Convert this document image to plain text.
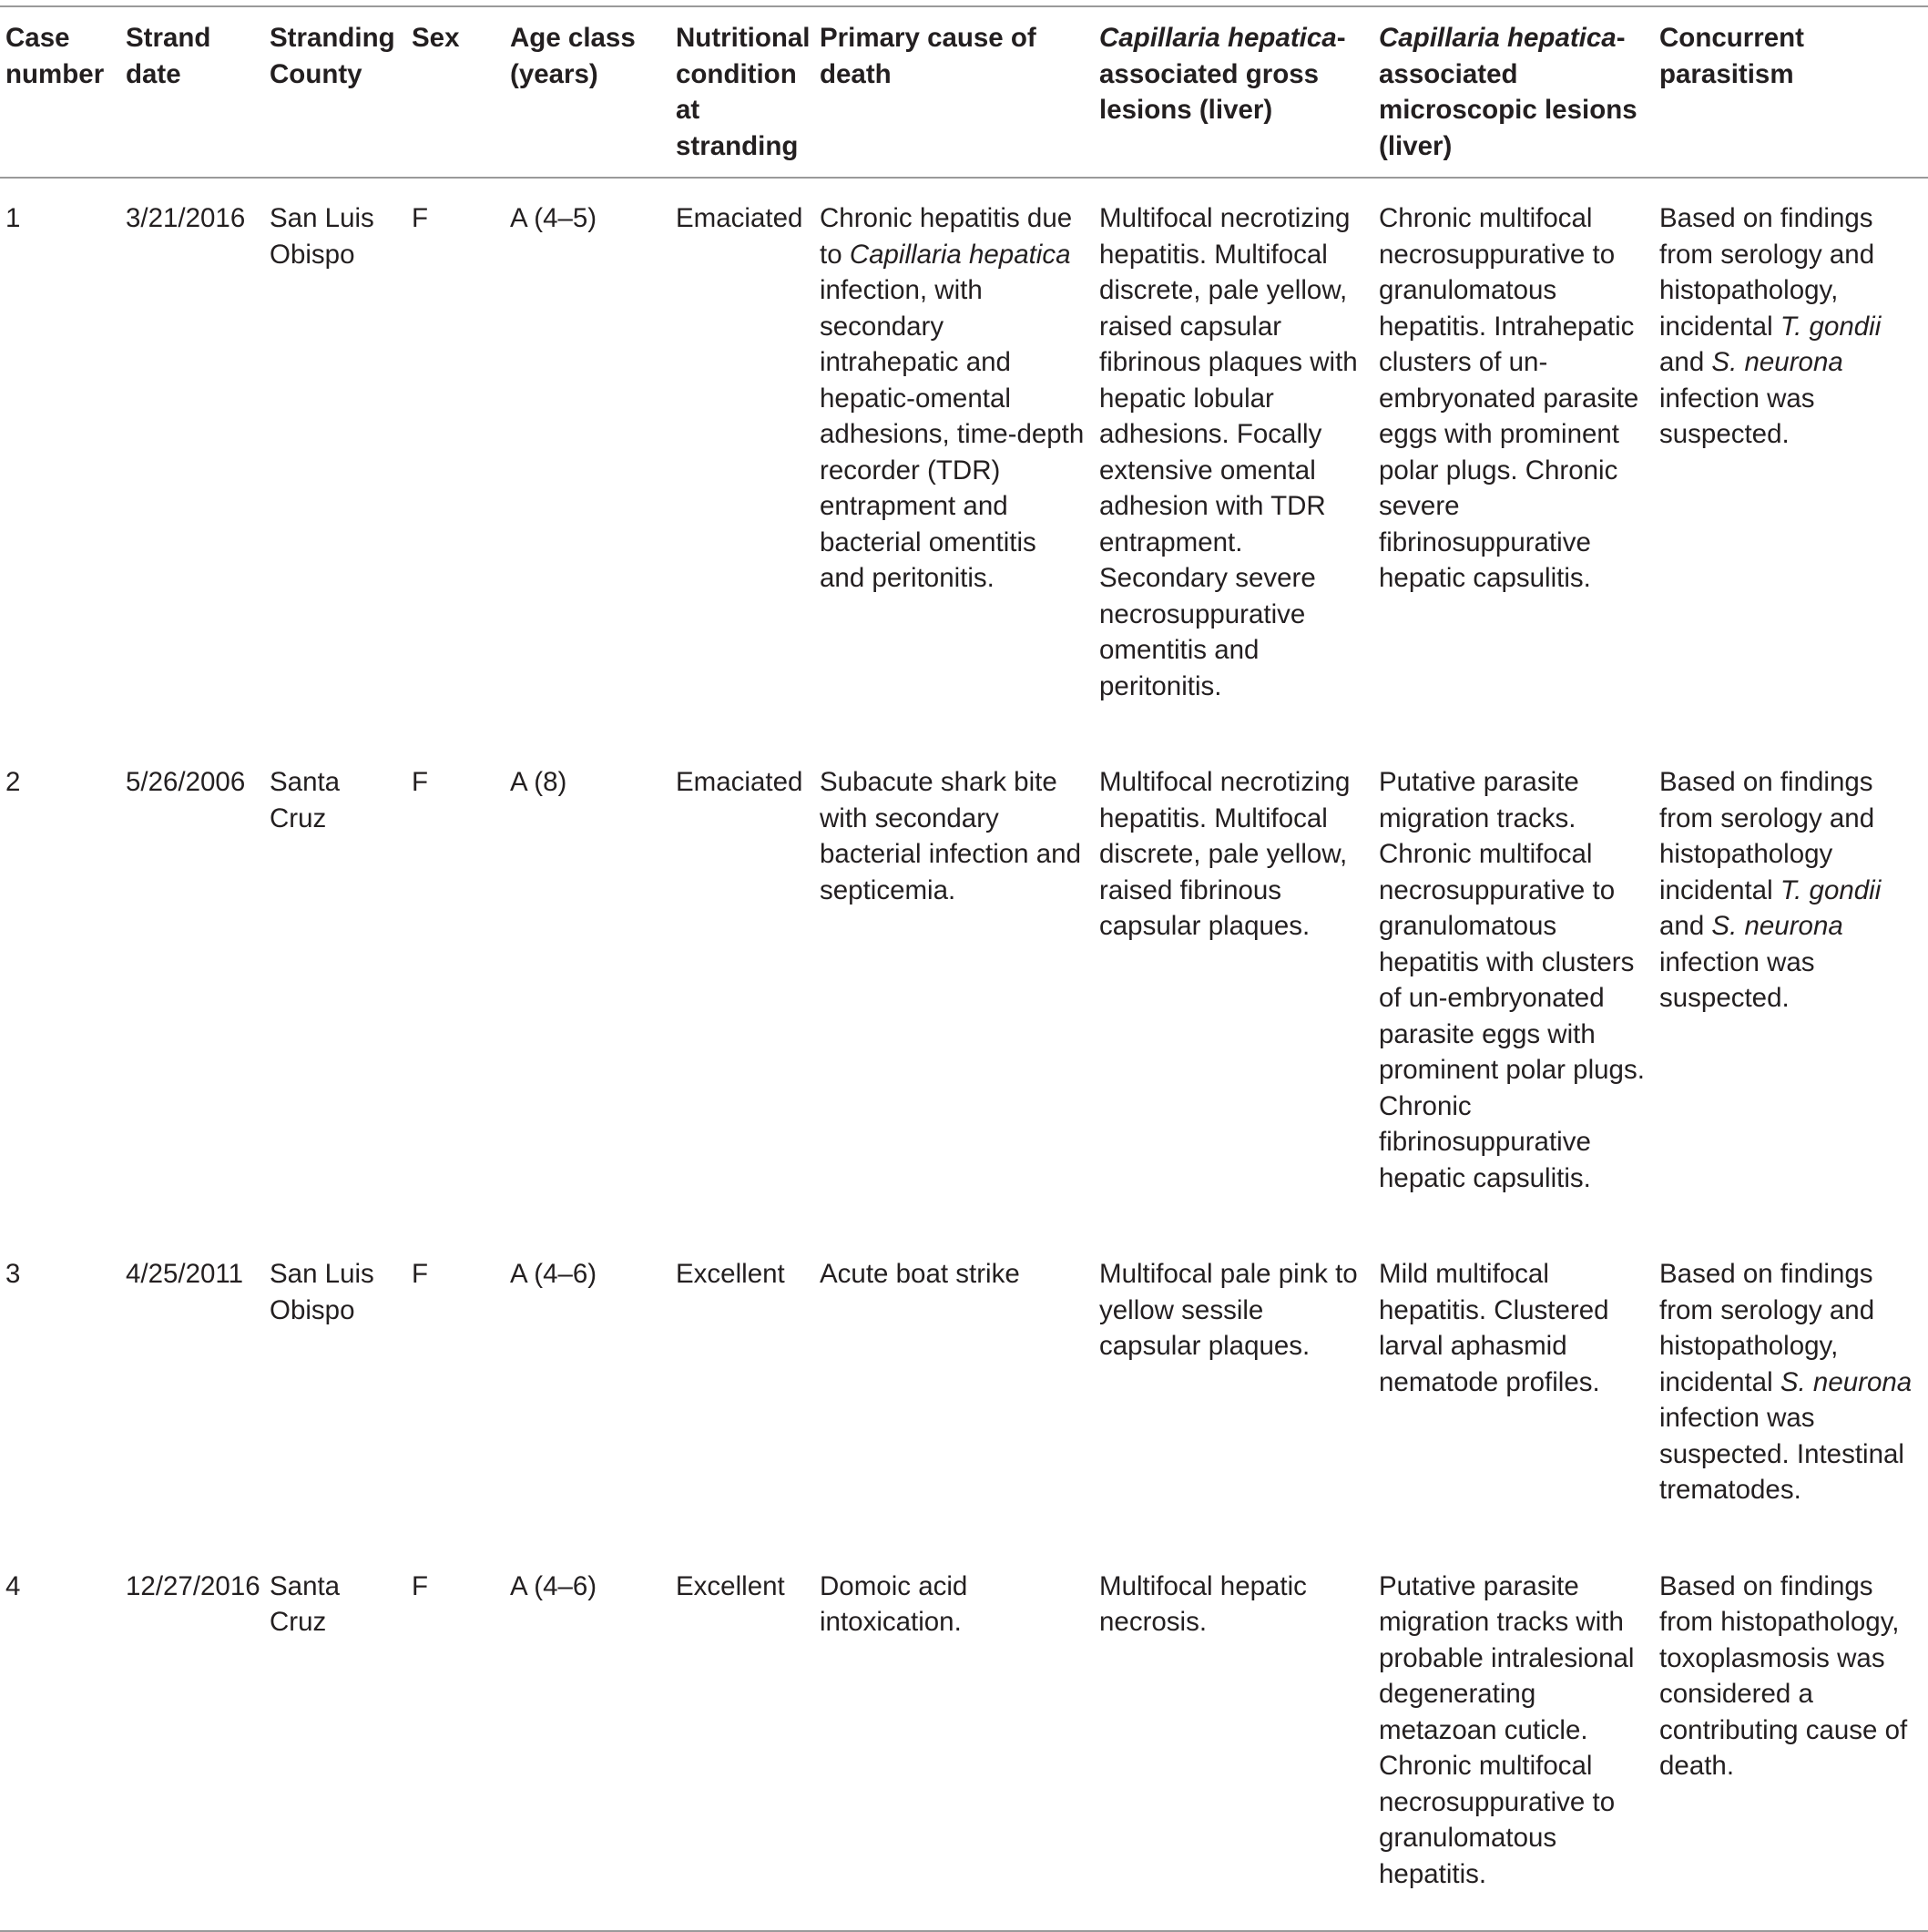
Case number	Strand date	Stranding County	Sex	Age class (years)	Nutritional condition at stranding	Primary cause of death	Capillaria hepatica-associated gross lesions (liver)	Capillaria hepatica-associated microscopic lesions (liver)	Concurrent parasitism
1	3/21/2016	San Luis Obispo	F	A (4–5)	Emaciated	Chronic hepatitis due to Capillaria hepatica infection, with secondary intrahepatic and hepatic-omental adhesions, time-depth recorder (TDR) entrapment and bacterial omentitis and peritonitis.	Multifocal necrotizing hepatitis. Multifocal discrete, pale yellow, raised capsular fibrinous plaques with hepatic lobular adhesions. Focally extensive omental adhesion with TDR entrapment. Secondary severe necrosuppurative omentitis and peritonitis.	Chronic multifocal necrosuppurative to granulomatous hepatitis. Intrahepatic clusters of un-embryonated parasite eggs with prominent polar plugs. Chronic severe fibrinosuppurative hepatic capsulitis.	Based on findings from serology and histopathology, incidental T. gondii and S. neurona infection was suspected.
2	5/26/2006	Santa Cruz	F	A (8)	Emaciated	Subacute shark bite with secondary bacterial infection and septicemia.	Multifocal necrotizing hepatitis. Multifocal discrete, pale yellow, raised fibrinous capsular plaques.	Putative parasite migration tracks. Chronic multifocal necrosuppurative to granulomatous hepatitis with clusters of un-embryonated parasite eggs with prominent polar plugs. Chronic fibrinosuppurative hepatic capsulitis.	Based on findings from serology and histopathology incidental T. gondii and S. neurona infection was suspected.
3	4/25/2011	San Luis Obispo	F	A (4–6)	Excellent	Acute boat strike	Multifocal pale pink to yellow sessile capsular plaques.	Mild multifocal hepatitis. Clustered larval aphasmid nematode profiles.	Based on findings from serology and histopathology, incidental S. neurona infection was suspected. Intestinal trematodes.
4	12/27/2016	Santa Cruz	F	A (4–6)	Excellent	Domoic acid intoxication.	Multifocal hepatic necrosis.	Putative parasite migration tracks with probable intralesional degenerating metazoan cuticle. Chronic multifocal necrosuppurative to granulomatous hepatitis.	Based on findings from histopathology, toxoplasmosis was considered a contributing cause of death.
